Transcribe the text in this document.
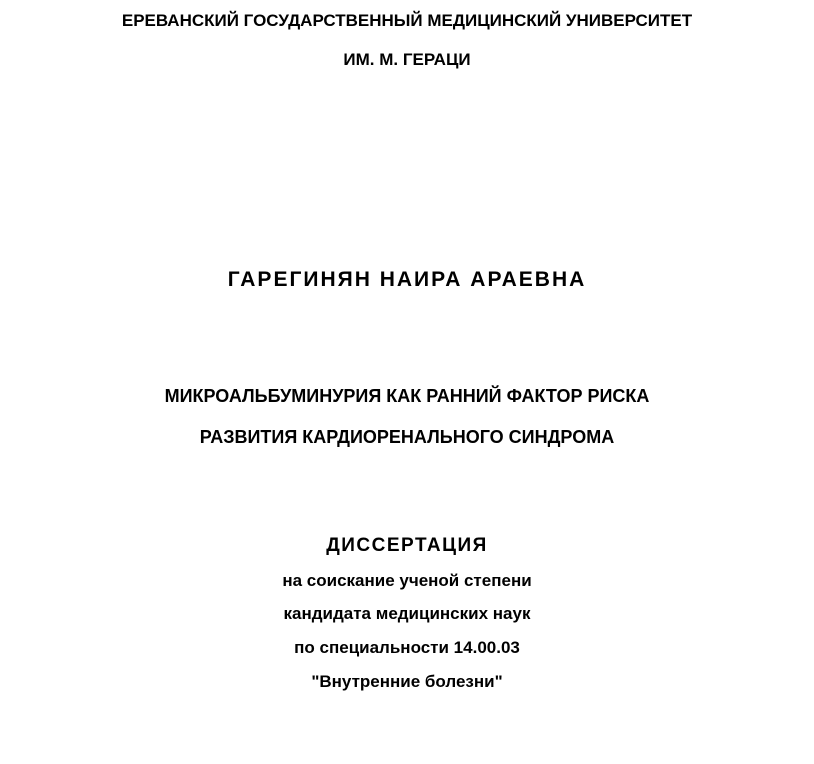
ЕРЕВАНСКИЙ ГОСУДАРСТВЕННЫЙ МЕДИЦИНСКИЙ УНИВЕРСИТЕТ
ИМ. М. ГЕРАЦИ
ГАРЕГИНЯН НАИРА АРАЕВНА
МИКРОАЛЬБУМИНУРИЯ КАК РАННИЙ ФАКТОР РИСКА
РАЗВИТИЯ КАРДИОРЕНАЛЬНОГО СИНДРОМА
ДИССЕРТАЦИЯ
на соискание ученой степени
кандидата медицинских наук
по специальности 14.00.03
"Внутренние болезни"
